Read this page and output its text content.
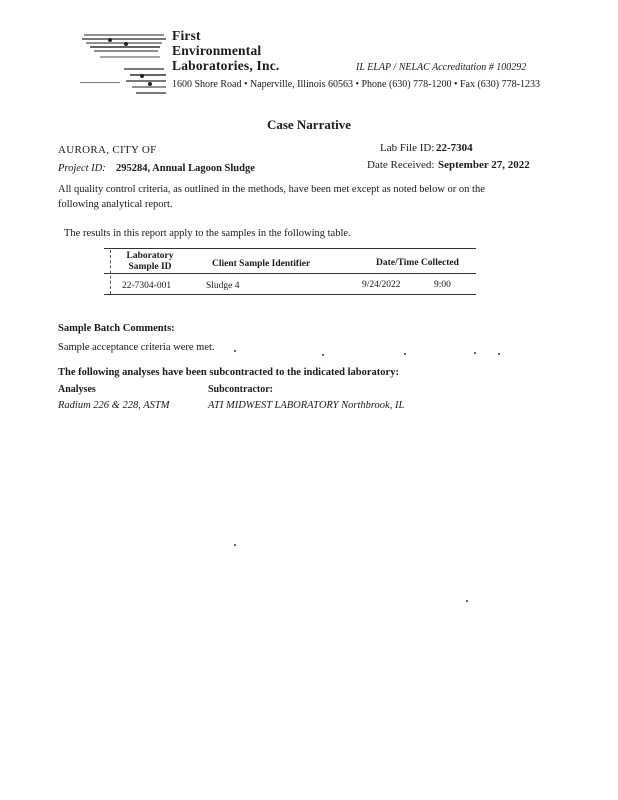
First
Environmental
Laboratories, Inc.	IL ELAP / NELAC Accreditation # 100292
1600 Shore Road • Naperville, Illinois 60563 • Phone (630) 778-1200 • Fax (630) 778-1233
Case Narrative
AURORA, CITY OF	Lab File ID: 22-7304
Project ID: 295284, Annual Lagoon Sludge	Date Received: September 27, 2022
All quality control criteria, as outlined in the methods, have been met except as noted below or on the following analytical report.
The results in this report apply to the samples in the following table.
Laboratory
Sample ID	Client Sample Identifier	Date/Time Collected
22-7304-001	Sludge 4	9/24/2022	9:00
Sample Batch Comments:
Sample acceptance criteria were met.
The following analyses have been subcontracted to the indicated laboratory:
Analyses	Subcontractor:
Radium 226 & 228, ASTM	ATI MIDWEST LABORATORY Northbrook, IL
